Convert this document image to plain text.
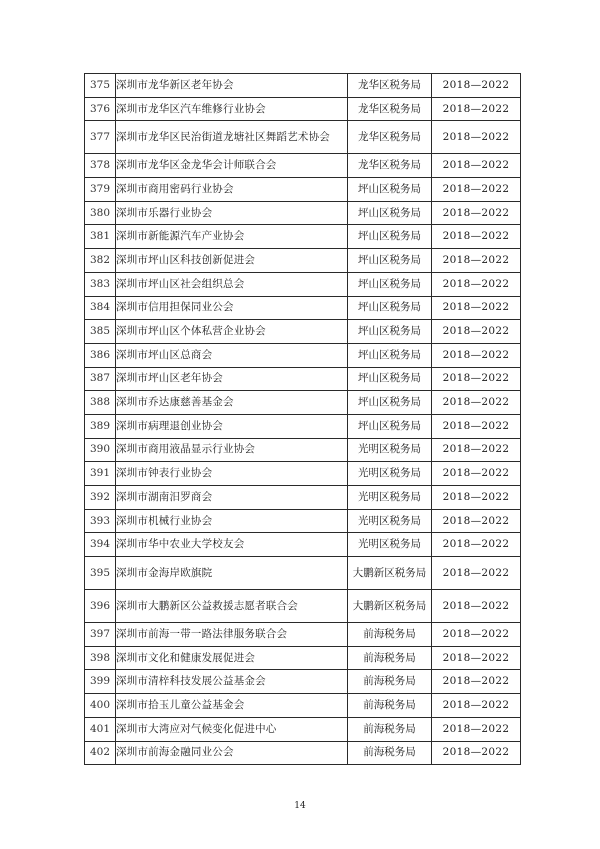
375	深圳市龙华新区老年协会	龙华区税务局	2018—2022
376	深圳市龙华区汽车维修行业协会	龙华区税务局	2018—2022
377	深圳市龙华区民治街道龙塘社区舞蹈艺术协会	龙华区税务局	2018—2022
378	深圳市龙华区金龙华会计师联合会	龙华区税务局	2018—2022
379	深圳市商用密码行业协会	坪山区税务局	2018—2022
380	深圳市乐器行业协会	坪山区税务局	2018—2022
381	深圳市新能源汽车产业协会	坪山区税务局	2018—2022
382	深圳市坪山区科技创新促进会	坪山区税务局	2018—2022
383	深圳市坪山区社会组织总会	坪山区税务局	2018—2022
384	深圳市信用担保同业公会	坪山区税务局	2018—2022
385	深圳市坪山区个体私营企业协会	坪山区税务局	2018—2022
386	深圳市坪山区总商会	坪山区税务局	2018—2022
387	深圳市坪山区老年协会	坪山区税务局	2018—2022
388	深圳市乔达康慈善基金会	坪山区税务局	2018—2022
389	深圳市病理退创业协会	坪山区税务局	2018—2022
390	深圳市商用液晶显示行业协会	光明区税务局	2018—2022
391	深圳市钟表行业协会	光明区税务局	2018—2022
392	深圳市湖南汨罗商会	光明区税务局	2018—2022
393	深圳市机械行业协会	光明区税务局	2018—2022
394	深圳市华中农业大学校友会	光明区税务局	2018—2022
395	深圳市金海岸欧旗院	大鹏新区税务局	2018—2022
396	深圳市大鹏新区公益救援志愿者联合会	大鹏新区税务局	2018—2022
397	深圳市前海一带一路法律服务联合会	前海税务局	2018—2022
398	深圳市文化和健康发展促进会	前海税务局	2018—2022
399	深圳市清梓科技发展公益基金会	前海税务局	2018—2022
400	深圳市拾玉儿童公益基金会	前海税务局	2018—2022
401	深圳市大湾应对气候变化促进中心	前海税务局	2018—2022
402	深圳市前海金融同业公会	前海税务局	2018—2022
14
